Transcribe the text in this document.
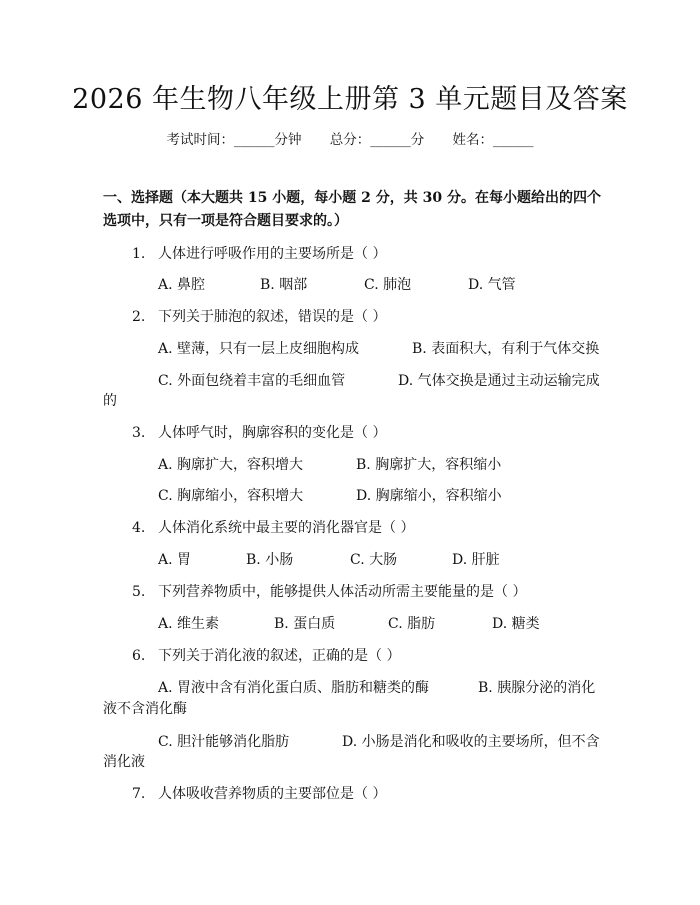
2026 年生物八年级上册第 3 单元题目及答案
考试时间：______分钟 总分：______分 姓名：______
一、选择题（本大题共 15 小题，每小题 2 分，共 30 分。在每小题给出的四个选项中，只有一项是符合题目要求的。）
1. 人体进行呼吸作用的主要场所是（ ）
A. 鼻腔	B. 咽部	C. 肺泡	D. 气管
2. 下列关于肺泡的叙述，错误的是（ ）
A. 壁薄，只有一层上皮细胞构成	B. 表面积大，有利于气体交换
C. 外面包绕着丰富的毛细血管	D. 气体交换是通过主动运输完成
的
3. 人体呼气时，胸廓容积的变化是（ ）
A. 胸廓扩大，容积增大	B. 胸廓扩大，容积缩小
C. 胸廓缩小，容积增大	D. 胸廓缩小，容积缩小
4. 人体消化系统中最主要的消化器官是（ ）
A. 胃	B. 小肠	C. 大肠	D. 肝脏
5. 下列营养物质中，能够提供人体活动所需主要能量的是（ ）
A. 维生素	B. 蛋白质	C. 脂肪	D. 糖类
6. 下列关于消化液的叙述，正确的是（ ）
A. 胃液中含有消化蛋白质、脂肪和糖类的酶	B. 胰腺分泌的消化
液不含消化酶
C. 胆汁能够消化脂肪	D. 小肠是消化和吸收的主要场所，但不含
消化液
7. 人体吸收营养物质的主要部位是（ ）
